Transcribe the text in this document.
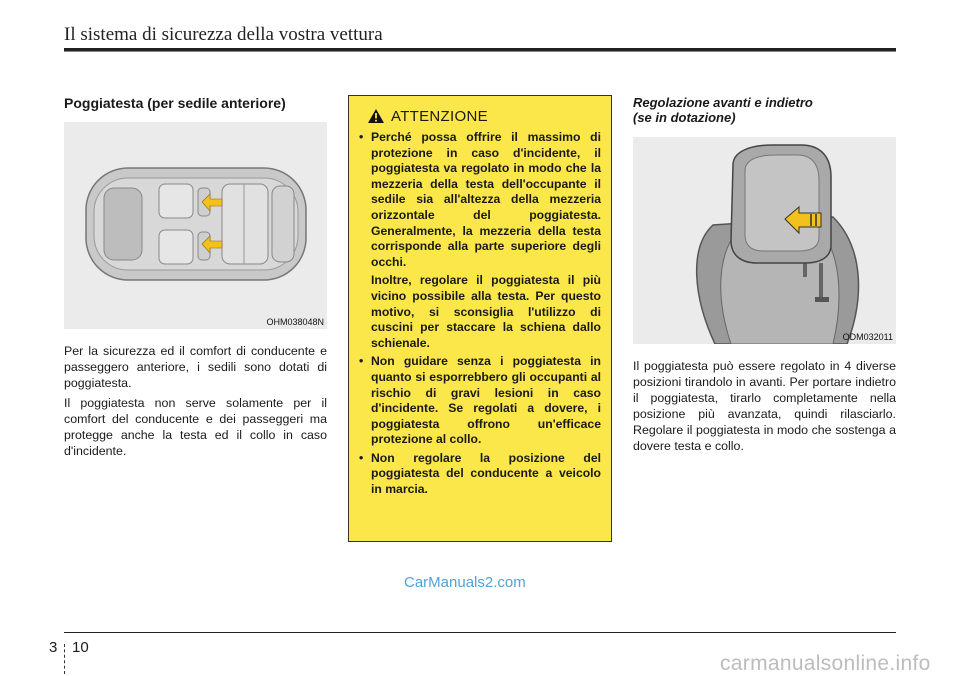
Il sistema di sicurezza della vostra vettura
Poggiatesta (per sedile anteriore)
OHM038048N

Per la sicurezza ed il comfort di conducente e passeggero anteriore, i sedili sono dotati di poggiatesta.

Il poggiatesta non serve solamente per il comfort del conducente e dei passeggeri ma protegge anche la testa ed il collo in caso d'incidente.

ATTENZIONE
• Perché possa offrire il massimo di protezione in caso d'incidente, il poggiatesta va regolato in modo che la mezzeria della testa dell'occupante il sedile sia all'altezza della mezzeria orizzontale del poggiatesta. Generalmente, la mezzeria della testa corrisponde alla parte superiore degli occhi.
Inoltre, regolare il poggiatesta il più vicino possibile alla testa. Per questo motivo, si sconsiglia l'utilizzo di cuscini per staccare la schiena dallo schienale.
• Non guidare senza i poggiatesta in quanto si esporrebbero gli occupanti al rischio di gravi lesioni in caso d'incidente. Se regolati a dovere, i poggiatesta offrono un'efficace protezione al collo.
• Non regolare la posizione del poggiatesta del conducente a veicolo in marcia.
Regolazione avanti e indietro
(se in dotazione)
ODM032011

Il poggiatesta può essere regolato in 4 diverse posizioni tirandolo in avanti. Per portare indietro il poggiatesta, tirarlo completamente nella posizione più avanzata, quindi rilasciarlo. Regolare il poggiatesta in modo che sostenga a dovere testa e collo.

CarManuals2.com
3 10
carmanualsonline.info
